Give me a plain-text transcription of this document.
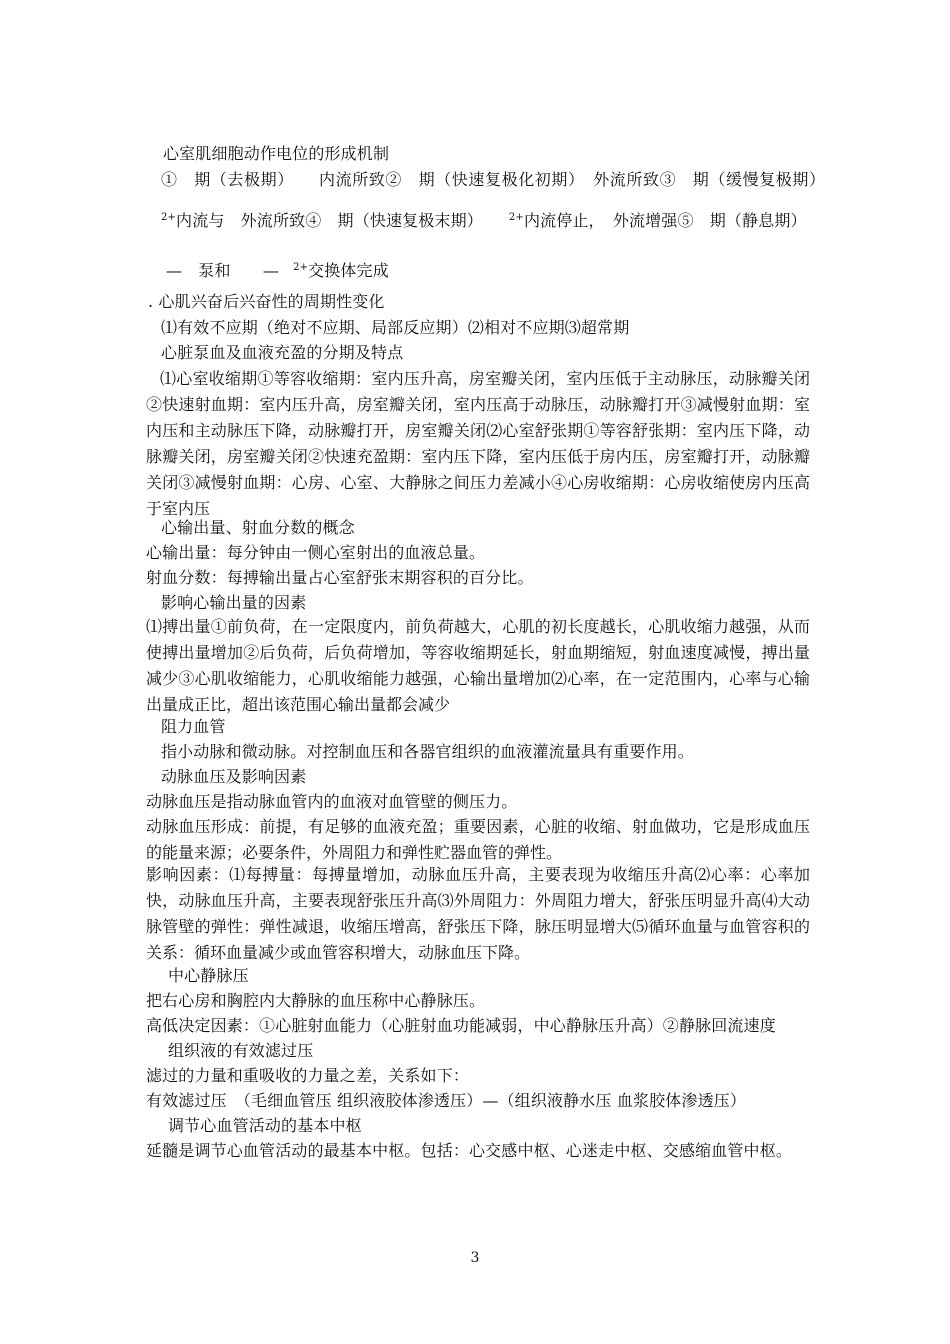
心室肌细胞动作电位的形成机制
①　期（去极期）　　内流所致②　期（快速复极化初期）　外流所致③　期（缓慢复极期）
$^{2+}$内流与　外流所致④　期（快速复极末期）	$^{2+}$内流停止，　外流增强⑤　期（静息期）
—　泵和　　— $^{2+}$交换体完成
. 心肌兴奋后兴奋性的周期性变化
⑴有效不应期（绝对不应期、局部反应期）⑵相对不应期⑶超常期
心脏泵血及血液充盈的分期及特点

⑴心室收缩期①等容收缩期：室内压升高，房室瓣关闭，室内压低于主动脉压，动脉瓣关闭②快速射血期：室内压升高，房室瓣关闭，室内压高于动脉压，动脉瓣打开③减慢射血期：室内压和主动脉压下降，动脉瓣打开，房室瓣关闭⑵心室舒张期①等容舒张期：室内压下降，动脉瓣关闭，房室瓣关闭②快速充盈期：室内压下降，室内压低于房内压，房室瓣打开，动脉瓣关闭③减慢射血期：心房、心室、大静脉之间压力差减小④心房收缩期：心房收缩使房内压高于室内压

心输出量、射血分数的概念
心输出量：每分钟由一侧心室射出的血液总量。
射血分数：每搏输出量占心室舒张末期容积的百分比。
影响心输出量的因素

⑴搏出量①前负荷，在一定限度内，前负荷越大，心肌的初长度越长，心肌收缩力越强，从而使搏出量增加②后负荷，后负荷增加，等容收缩期延长，射血期缩短，射血速度减慢，搏出量减少③心肌收缩能力，心肌收缩能力越强，心输出量增加⑵心率，在一定范围内，心率与心输出量成正比，超出该范围心输出量都会减少

阻力血管
指小动脉和微动脉。对控制血压和各器官组织的血液灌流量具有重要作用。
动脉血压及影响因素
动脉血压是指动脉血管内的血液对血管壁的侧压力。

动脉血压形成：前提，有足够的血液充盈；重要因素，心脏的收缩、射血做功，它是形成血压的能量来源；必要条件，外周阻力和弹性贮器血管的弹性。

影响因素：⑴每搏量：每搏量增加，动脉血压升高，主要表现为收缩压升高⑵心率：心率加快，动脉血压升高，主要表现舒张压升高⑶外周阻力：外周阻力增大，舒张压明显升高⑷大动脉管壁的弹性：弹性减退，收缩压增高，舒张压下降，脉压明显增大⑸循环血量与血管容积的关系：循环血量减少或血管容积增大，动脉血压下降。

中心静脉压
把右心房和胸腔内大静脉的血压称中心静脉压。
高低决定因素：①心脏射血能力（心脏射血功能减弱，中心静脉压升高）②静脉回流速度
组织液的有效滤过压
滤过的力量和重吸收的力量之差，关系如下：
有效滤过压　（毛细血管压 组织液胶体渗透压）—（组织液静水压 血浆胶体渗透压）
调节心血管活动的基本中枢
延髓是调节心血管活动的最基本中枢。包括：心交感中枢、心迷走中枢、交感缩血管中枢。
3
